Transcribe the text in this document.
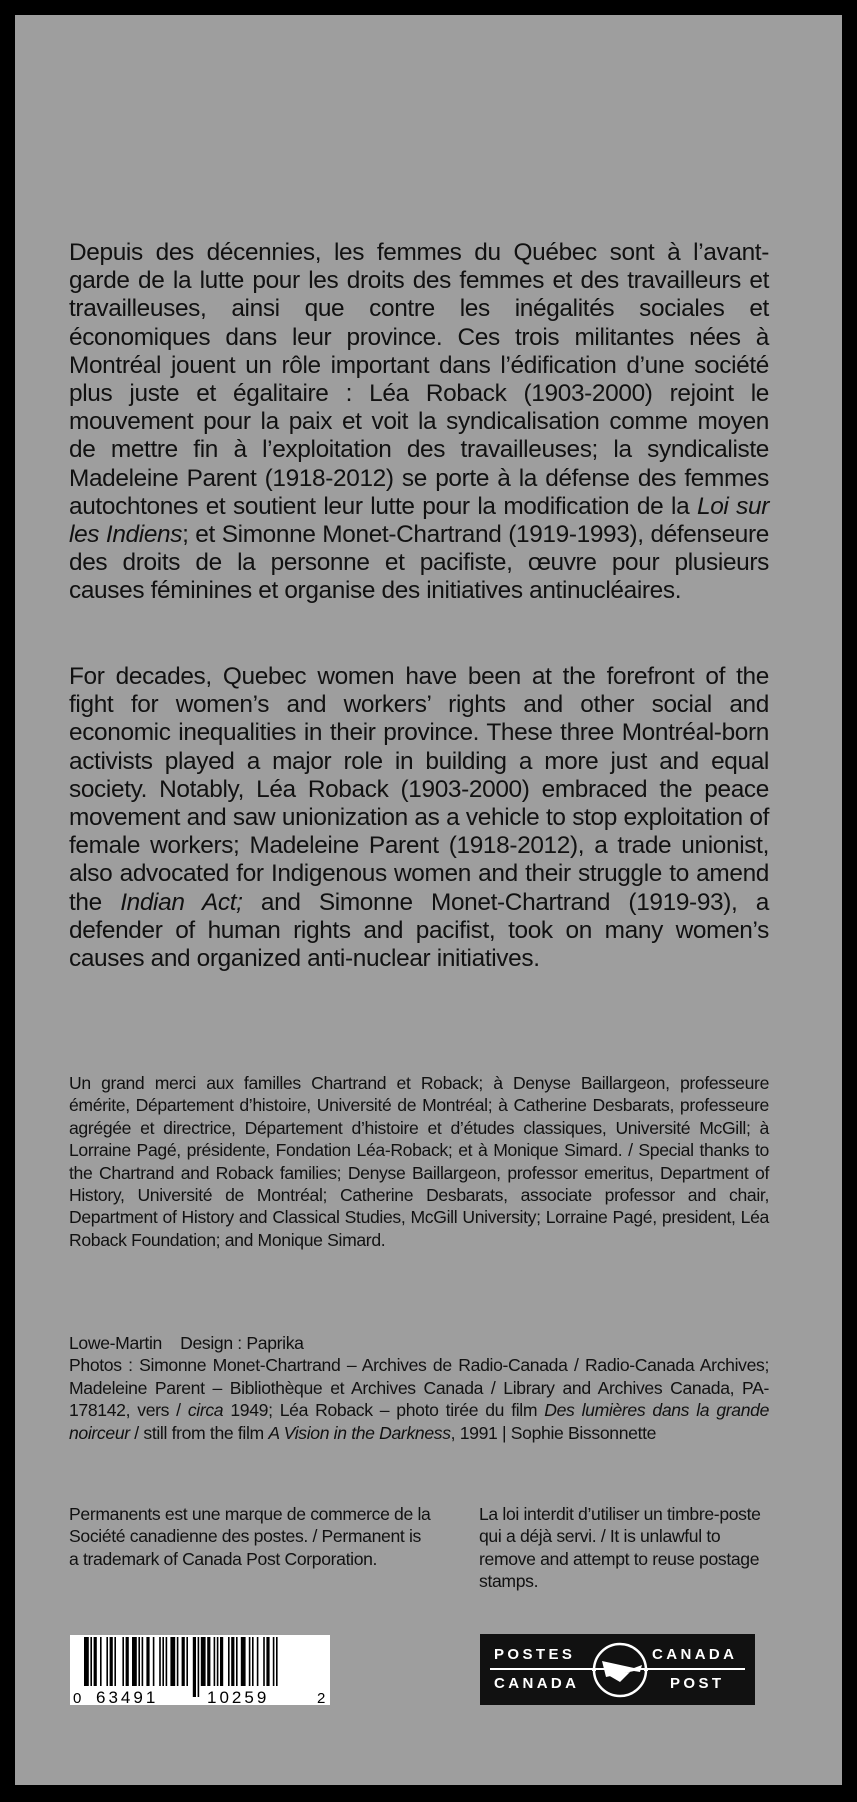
Depuis des décennies, les femmes du Québec sont à l’avant-garde de la lutte pour les droits des femmes et des travailleurs et travailleuses, ainsi que contre les inégalités sociales et économiques dans leur province. Ces trois militantes nées à Montréal jouent un rôle important dans l’édification d’une société plus juste et égalitaire : Léa Roback (1903-2000) rejoint le mouvement pour la paix et voit la syndicalisation comme moyen de mettre fin à l’exploitation des travailleuses; la syndicaliste Madeleine Parent (1918-2012) se porte à la défense des femmes autochtones et soutient leur lutte pour la modification de la Loi sur les Indiens; et Simonne Monet-Chartrand (1919-1993), défenseure des droits de la personne et pacifiste, œuvre pour plusieurs causes féminines et organise des initiatives antinucléaires.

For decades, Quebec women have been at the forefront of the fight for women’s and workers’ rights and other social and economic inequalities in their province. These three Montréal-born activists played a major role in building a more just and equal society. Notably, Léa Roback (1903-2000) embraced the peace movement and saw unionization as a vehicle to stop exploitation of female workers; Madeleine Parent (1918-2012), a trade unionist, also advocated for Indigenous women and their struggle to amend the Indian Act; and Simonne Monet-Chartrand (1919-93), a defender of human rights and pacifist, took on many women’s causes and organized anti-nuclear initiatives.

Un grand merci aux familles Chartrand et Roback; à Denyse Baillargeon, professeure émérite, Département d’histoire, Université de Montréal; à Catherine Desbarats, professeure agrégée et directrice, Département d’histoire et d’études classiques, Université McGill; à Lorraine Pagé, présidente, Fondation Léa-Roback; et à Monique Simard. / Special thanks to the Chartrand and Roback families; Denyse Baillargeon, professor emeritus, Department of History, Université de Montréal; Catherine Desbarats, associate professor and chair, Department of History and Classical Studies, McGill University; Lorraine Pagé, president, Léa Roback Foundation; and Monique Simard.

Lowe-Martin    Design : Paprika
Photos : Simonne Monet-Chartrand – Archives de Radio-Canada / Radio-Canada Archives; Madeleine Parent – Bibliothèque et Archives Canada / Library and Archives Canada, PA-178142, vers / circa 1949; Léa Roback – photo tirée du film Des lumières dans la grande noirceur / still from the film A Vision in the Darkness, 1991 | Sophie Bissonnette

Permanents est une marque de commerce de la Société canadienne des postes. / Permanent is a trademark of Canada Post Corporation.

La loi interdit d’utiliser un timbre-poste qui a déjà servi. / It is unlawful to remove and attempt to reuse postage stamps.

0 63491	10259	2
POSTES
CANADA
CANADA
POST
